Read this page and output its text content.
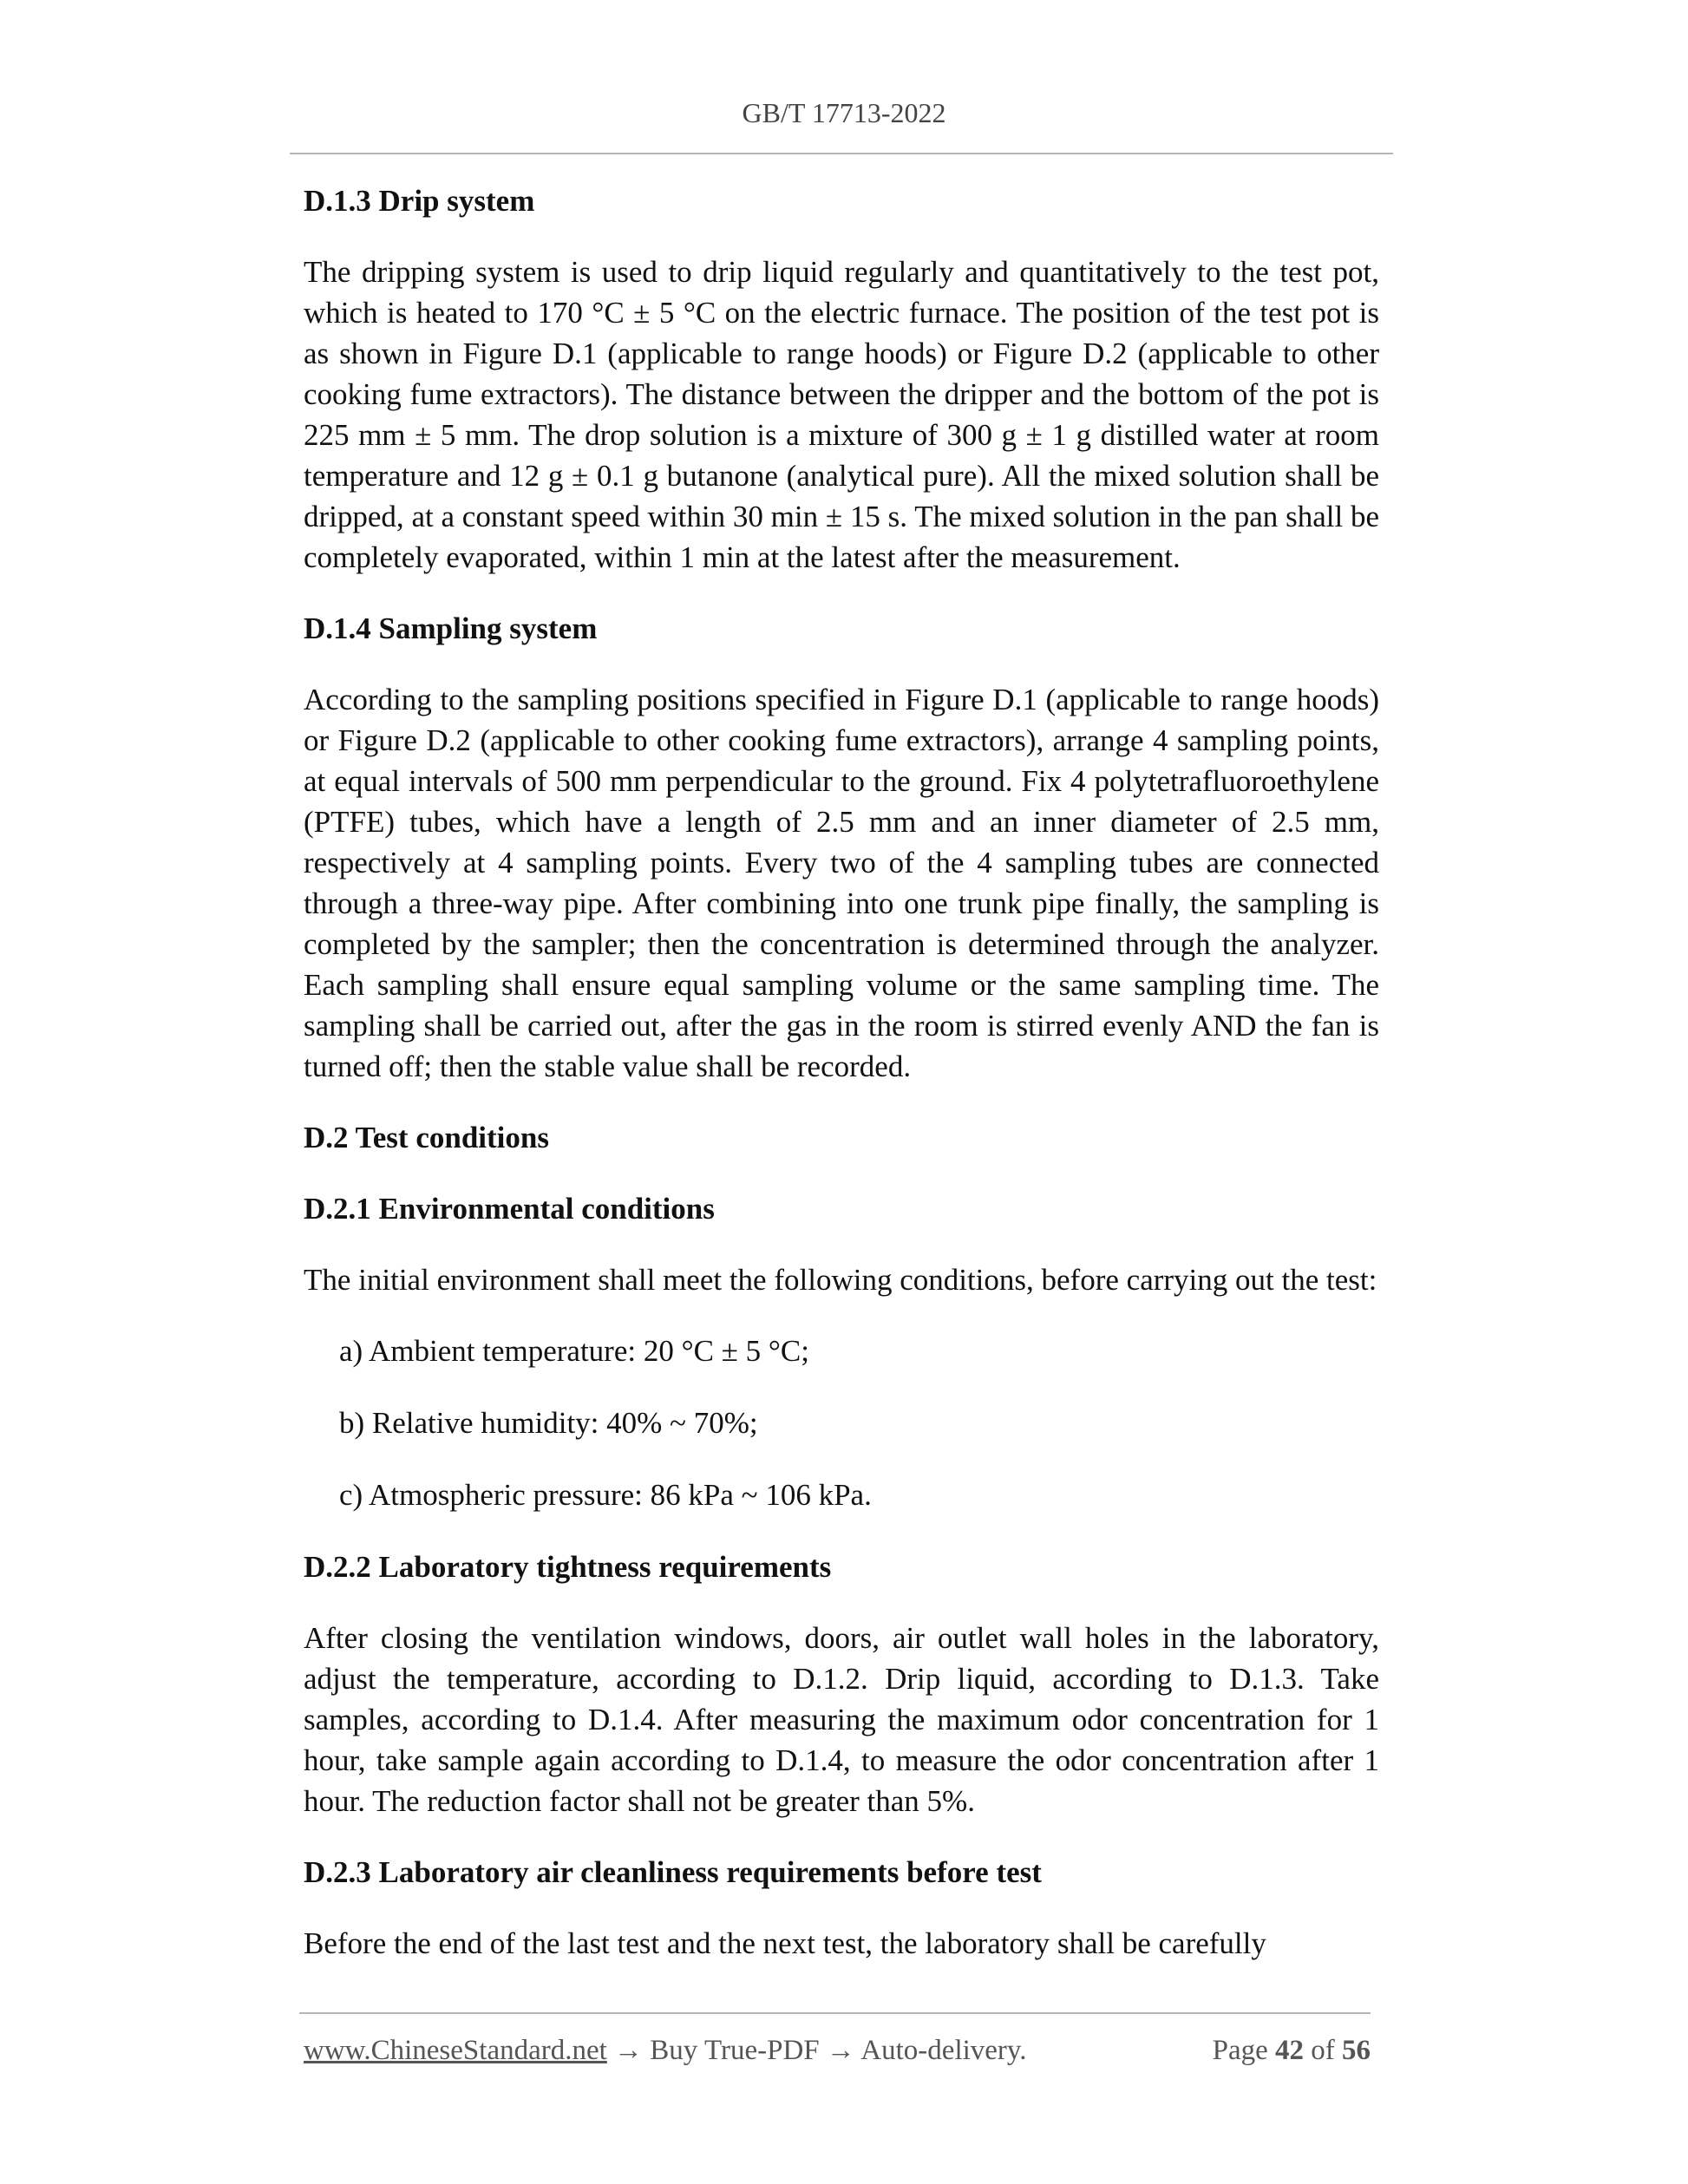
GB/T 17713-2022
D.1.3 Drip system
The dripping system is used to drip liquid regularly and quantitatively to the test pot, which is heated to 170 °C ± 5 °C on the electric furnace. The position of the test pot is as shown in Figure D.1 (applicable to range hoods) or Figure D.2 (applicable to other cooking fume extractors). The distance between the dripper and the bottom of the pot is 225 mm ± 5 mm. The drop solution is a mixture of 300 g ± 1 g distilled water at room temperature and 12 g ± 0.1 g butanone (analytical pure). All the mixed solution shall be dripped, at a constant speed within 30 min ± 15 s. The mixed solution in the pan shall be completely evaporated, within 1 min at the latest after the measurement.
D.1.4 Sampling system
According to the sampling positions specified in Figure D.1 (applicable to range hoods) or Figure D.2 (applicable to other cooking fume extractors), arrange 4 sampling points, at equal intervals of 500 mm perpendicular to the ground. Fix 4 polytetrafluoroethylene (PTFE) tubes, which have a length of 2.5 mm and an inner diameter of 2.5 mm, respectively at 4 sampling points. Every two of the 4 sampling tubes are connected through a three-way pipe. After combining into one trunk pipe finally, the sampling is completed by the sampler; then the concentration is determined through the analyzer. Each sampling shall ensure equal sampling volume or the same sampling time. The sampling shall be carried out, after the gas in the room is stirred evenly AND the fan is turned off; then the stable value shall be recorded.
D.2 Test conditions
D.2.1 Environmental conditions
The initial environment shall meet the following conditions, before carrying out the test:
a) Ambient temperature: 20 °C ± 5 °C;
b) Relative humidity: 40% ~ 70%;
c) Atmospheric pressure: 86 kPa ~ 106 kPa.
D.2.2 Laboratory tightness requirements
After closing the ventilation windows, doors, air outlet wall holes in the laboratory, adjust the temperature, according to D.1.2. Drip liquid, according to D.1.3. Take samples, according to D.1.4. After measuring the maximum odor concentration for 1 hour, take sample again according to D.1.4, to measure the odor concentration after 1 hour. The reduction factor shall not be greater than 5%.
D.2.3 Laboratory air cleanliness requirements before test
Before the end of the last test and the next test, the laboratory shall be carefully
www.ChineseStandard.net → Buy True-PDF → Auto-delivery.	Page 42 of 56
